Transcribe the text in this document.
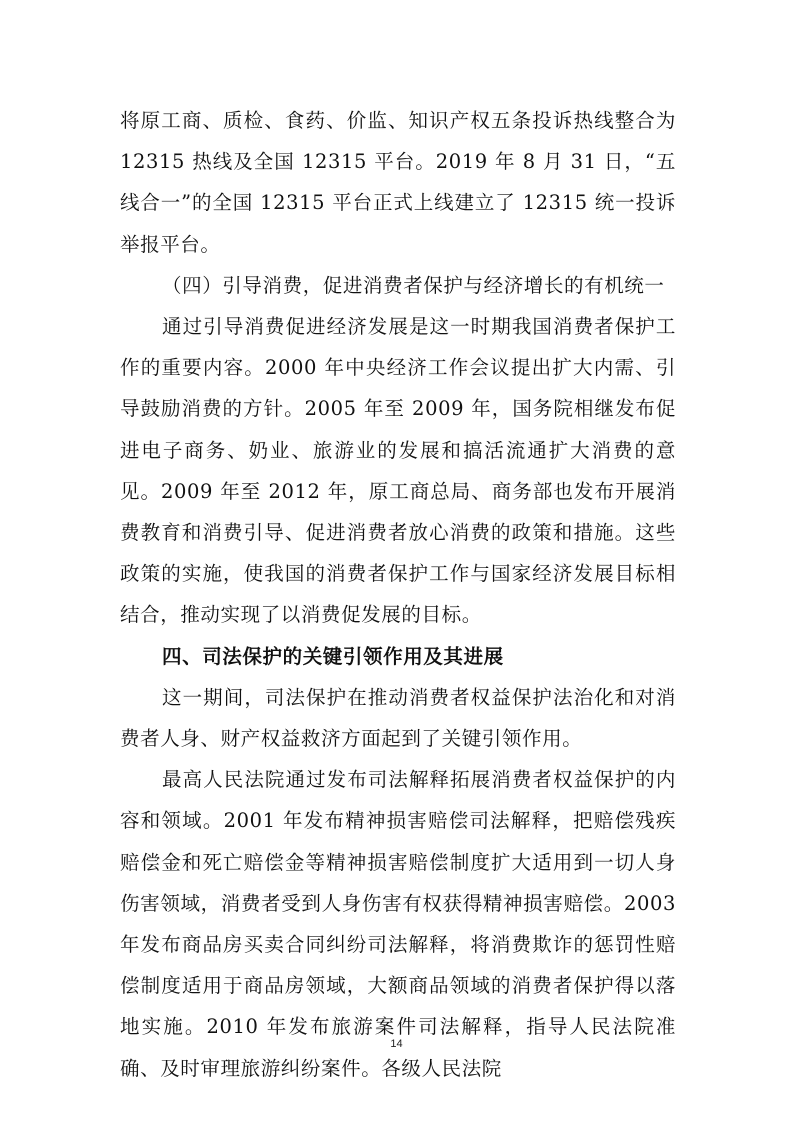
将原工商、质检、食药、价监、知识产权五条投诉热线整合为 12315 热线及全国 12315 平台。2019 年 8 月 31 日，“五线合一”的全国 12315 平台正式上线建立了 12315 统一投诉举报平台。

（四）引导消费，促进消费者保护与经济增长的有机统一

通过引导消费促进经济发展是这一时期我国消费者保护工作的重要内容。2000 年中央经济工作会议提出扩大内需、引导鼓励消费的方针。2005 年至 2009 年，国务院相继发布促进电子商务、奶业、旅游业的发展和搞活流通扩大消费的意见。2009 年至 2012 年，原工商总局、商务部也发布开展消费教育和消费引导、促进消费者放心消费的政策和措施。这些政策的实施，使我国的消费者保护工作与国家经济发展目标相结合，推动实现了以消费促发展的目标。

四、司法保护的关键引领作用及其进展

这一期间，司法保护在推动消费者权益保护法治化和对消费者人身、财产权益救济方面起到了关键引领作用。

最高人民法院通过发布司法解释拓展消费者权益保护的内容和领域。2001 年发布精神损害赔偿司法解释，把赔偿残疾赔偿金和死亡赔偿金等精神损害赔偿制度扩大适用到一切人身伤害领域，消费者受到人身伤害有权获得精神损害赔偿。2003 年发布商品房买卖合同纠纷司法解释，将消费欺诈的惩罚性赔偿制度适用于商品房领域，大额商品领域的消费者保护得以落地实施。2010 年发布旅游案件司法解释，指导人民法院准确、及时审理旅游纠纷案件。各级人民法院

14
